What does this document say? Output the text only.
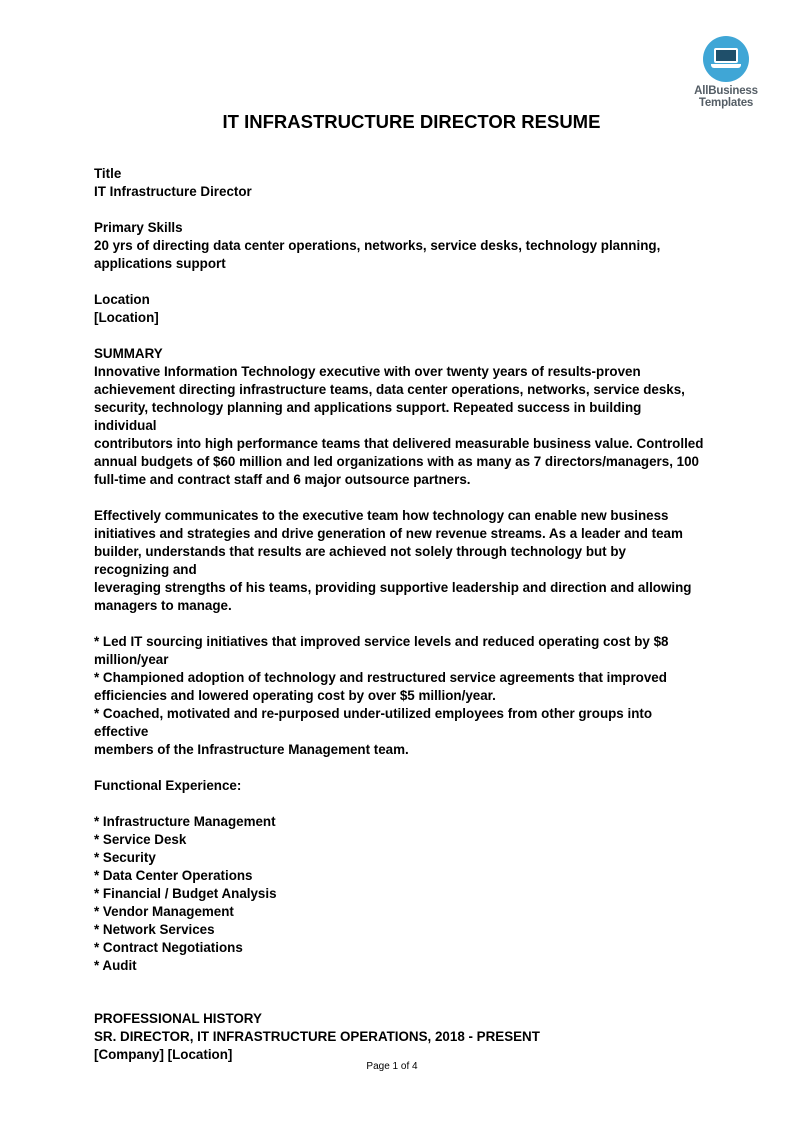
AllBusiness
Templates
IT INFRASTRUCTURE DIRECTOR RESUME

Title

IT Infrastructure Director

Primary Skills

20 yrs of directing data center operations, networks, service desks, technology planning,

applications support

Location

[Location]

SUMMARY

Innovative Information Technology executive with over twenty years of results-proven

achievement directing infrastructure teams, data center operations, networks, service desks,

security, technology planning and applications support. Repeated success in building individual

contributors into high performance teams that delivered measurable business value. Controlled

annual budgets of $60 million and led organizations with as many as 7 directors/managers, 100

full-time and contract staff and 6 major outsource partners.

Effectively communicates to the executive team how technology can enable new business

initiatives and strategies and drive generation of new revenue streams. As a leader and team

builder, understands that results are achieved not solely through technology but by recognizing and

leveraging strengths of his teams, providing supportive leadership and direction and allowing

managers to manage.

* Led IT sourcing initiatives that improved service levels and reduced operating cost by $8

million/year

* Championed adoption of technology and restructured service agreements that improved

efficiencies and lowered operating cost by over $5 million/year.

* Coached, motivated and re-purposed under-utilized employees from other groups into effective

members of the Infrastructure Management team.

Functional Experience:

* Infrastructure Management

* Service Desk

* Security

* Data Center Operations

* Financial / Budget Analysis

* Vendor Management

* Network Services

* Contract Negotiations

* Audit

PROFESSIONAL HISTORY

SR. DIRECTOR, IT INFRASTRUCTURE OPERATIONS, 2018 - PRESENT

[Company] [Location]

Page 1 of 4
